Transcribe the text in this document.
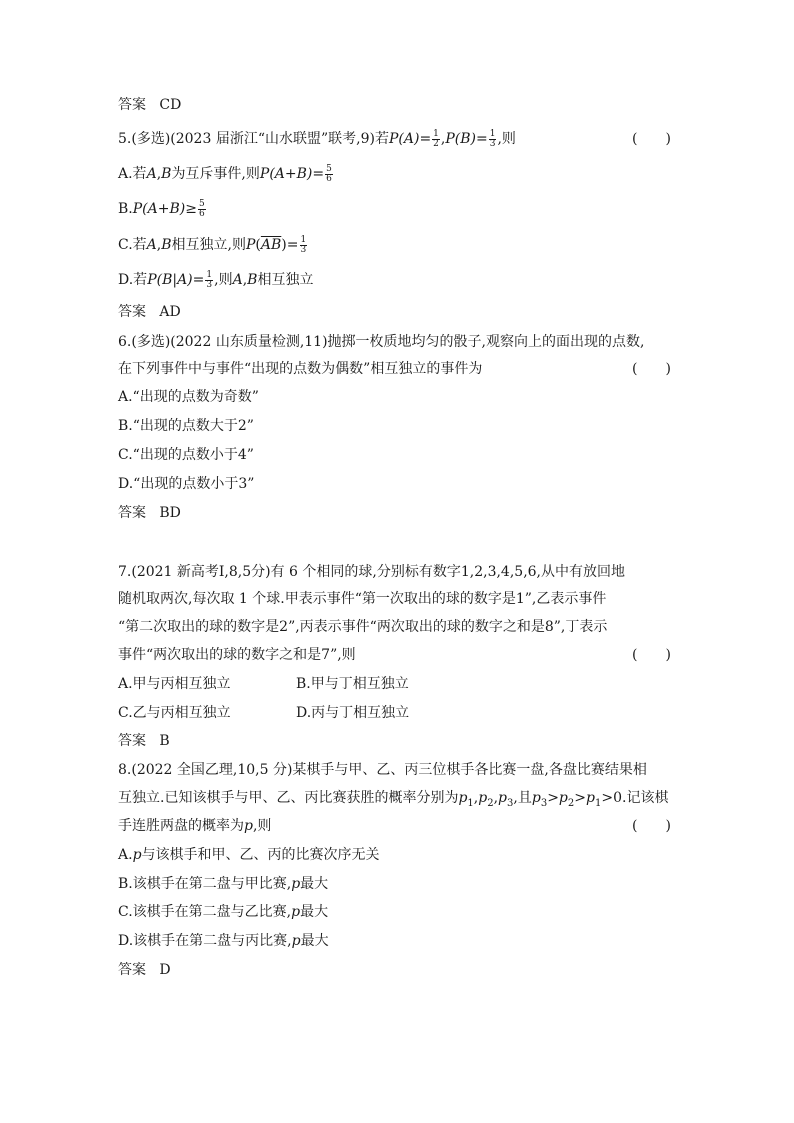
答案 CD
5.(多选)(2023 届浙江“山水联盟”联考,9)若$P(A)= \frac{1}{2} ,P(B)= \frac{1}{3}$ ,则	(　　)
A.若A,B为互斥事件,则$P(A+B)= \frac{5}{6}$
$B.P(A+B)\ge \frac{5}{6}$
C.若A,B相互独立,则$P(\overline{AB})= \frac{1}{3}$
D.若$P(B|A)= \frac{1}{3}$ ,则A,B相互独立
答案 AD
6.(多选)(2022 山东质量检测,11)抛掷一枚质地均匀的骰子,观察向上的面出现的点数,
在下列事件中与事件“出现的点数为偶数”相互独立的事件为	(　　)
A.“出现的点数为奇数”
B.“出现的点数大于2”
C.“出现的点数小于4”
D.“出现的点数小于3”
答案 BD
7.(2021 新高考Ⅰ,8,5分)有 6 个相同的球,分别标有数字1,2,3,4,5,6,从中有放回地
随机取两次,每次取 1 个球.甲表示事件“第一次取出的球的数字是1”,乙表示事件
“第二次取出的球的数字是2”,丙表示事件“两次取出的球的数字之和是8”,丁表示
事件“两次取出的球的数字之和是7”,则	(　　)
A.甲与丙相互独立	B.甲与丁相互独立
C.乙与丙相互独立	D.丙与丁相互独立
答案 B
8.(2022 全国乙理,10,5 分)某棋手与甲、乙、丙三位棋手各比赛一盘,各盘比赛结果相
互独立.已知该棋手与甲、乙、丙比赛获胜的概率分别为$p_1,p_2,p_3$,且$p_3>p_2>p_1>0$.记该棋
手连胜两盘的概率为p,则	(　　)
A.p与该棋手和甲、乙、丙的比赛次序无关
B.该棋手在第二盘与甲比赛,p最大
C.该棋手在第二盘与乙比赛,p最大
D.该棋手在第二盘与丙比赛,p最大
答案 D
